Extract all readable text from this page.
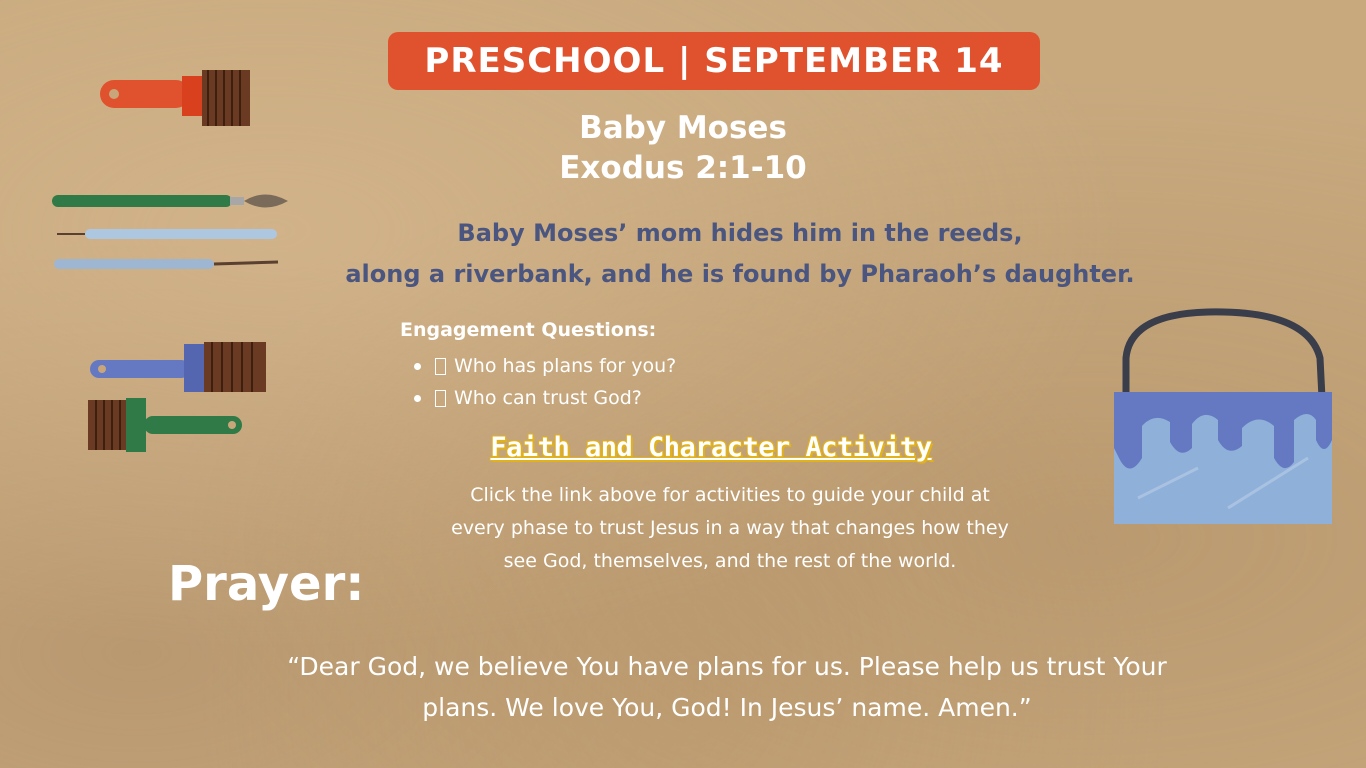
PRESCHOOL | SEPTEMBER 14
Baby Moses
Exodus 2:1-10
Baby Moses’ mom hides him in the reeds,
along a riverbank, and he is found by Pharaoh’s daughter.
Engagement Questions:
Who has plans for you?
Who can trust God?
Faith and Character Activity
Click the link above for activities to guide your child at
every phase to trust Jesus in a way that changes how they
see God, themselves, and the rest of the world.
Prayer:
“Dear God, we believe You have plans for us. Please help us trust Your
plans. We love You, God! In Jesus’ name. Amen.”
